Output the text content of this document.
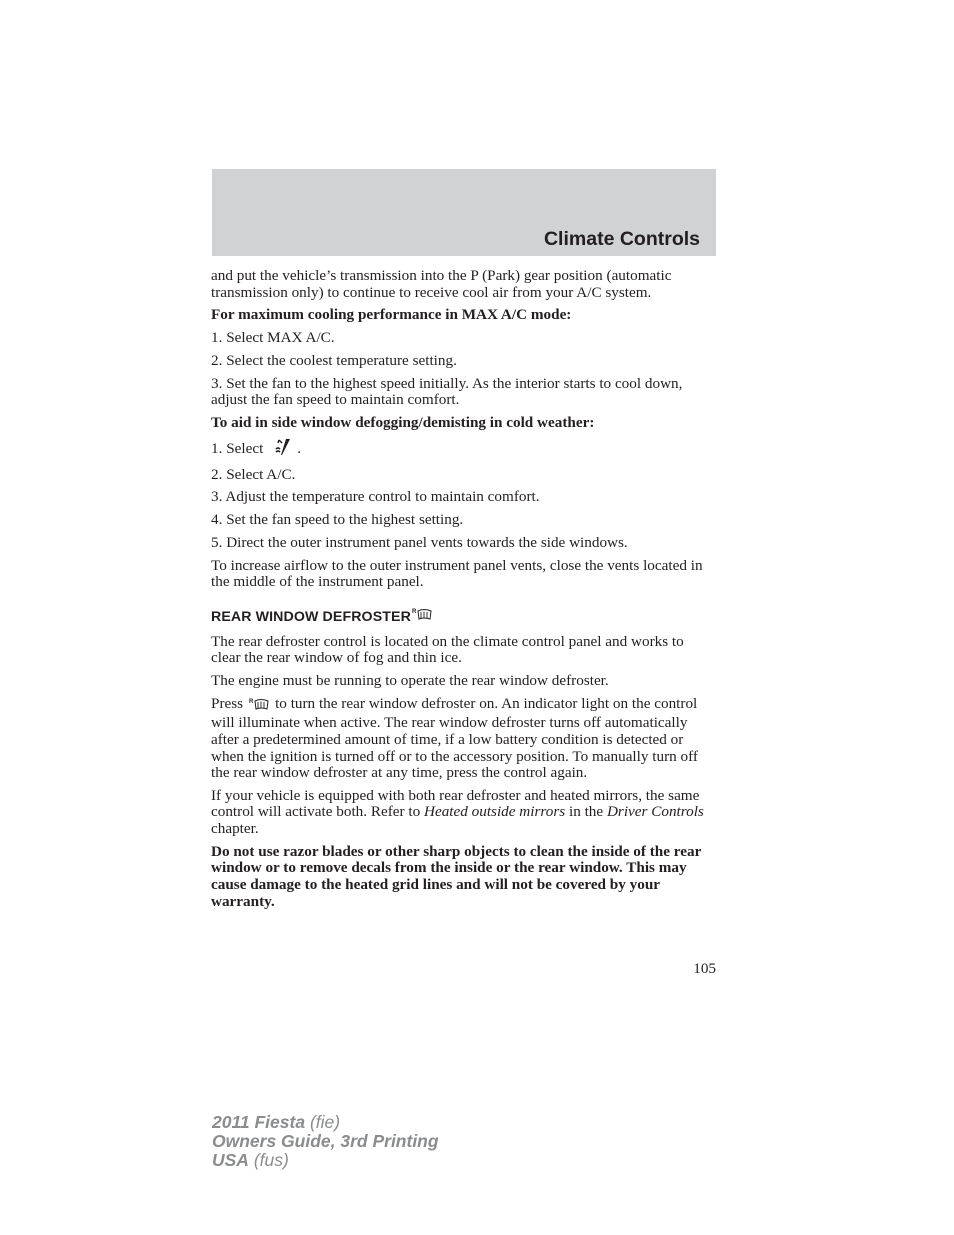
Climate Controls

and put the vehicle’s transmission into the P (Park) gear position (automatic transmission only) to continue to receive cool air from your A/C system.

For maximum cooling performance in MAX A/C mode:

1. Select MAX A/C.

2. Select the coolest temperature setting.

3. Set the fan to the highest speed initially. As the interior starts to cool down, adjust the fan speed to maintain comfort.

To aid in side window defogging/demisting in cold weather:

1. Select .

2. Select A/C.

3. Adjust the temperature control to maintain comfort.

4. Set the fan speed to the highest setting.

5. Direct the outer instrument panel vents towards the side windows.

To increase airflow to the outer instrument panel vents, close the vents located in the middle of the instrument panel.

REAR WINDOW DEFROSTER R

The rear defroster control is located on the climate control panel and works to clear the rear window of fog and thin ice.

The engine must be running to operate the rear window defroster.

Press R to turn the rear window defroster on. An indicator light on the control will illuminate when active. The rear window defroster turns off automatically after a predetermined amount of time, if a low battery condition is detected or when the ignition is turned off or to the accessory position. To manually turn off the rear window defroster at any time, press the control again.

If your vehicle is equipped with both rear defroster and heated mirrors, the same control will activate both. Refer to Heated outside mirrors in the Driver Controls chapter.

Do not use razor blades or other sharp objects to clean the inside of the rear window or to remove decals from the inside or the rear window. This may cause damage to the heated grid lines and will not be covered by your warranty.

105
2011 Fiesta (fie)
Owners Guide, 3rd Printing
USA (fus)
